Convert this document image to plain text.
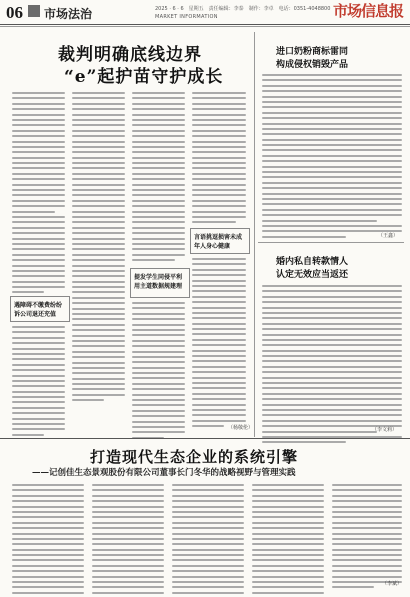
06 市场法治	2025 · 6 · 6　星期五　责任编辑：李泰　制作：李卓　电话：0351-4048800
MARKET INFORMATION	市场信息报
裁判明确底线边界
“e”起护苗守护成长
遇障碍不缴费纷纷诉公司退还充值
提发学生同侵平利用主道数据规建理
言语挑逗损害未成年人身心健康
（杨敬伦）
进口奶粉商标雷同
构成侵权销毁产品
（王鑫）
婚内私自转款情人
认定无效应当返还
（李文莉）
打造现代生态企业的系统引擎
——记创佳生态景观股份有限公司董事长门冬华的战略视野与管理实践
（李斌）
